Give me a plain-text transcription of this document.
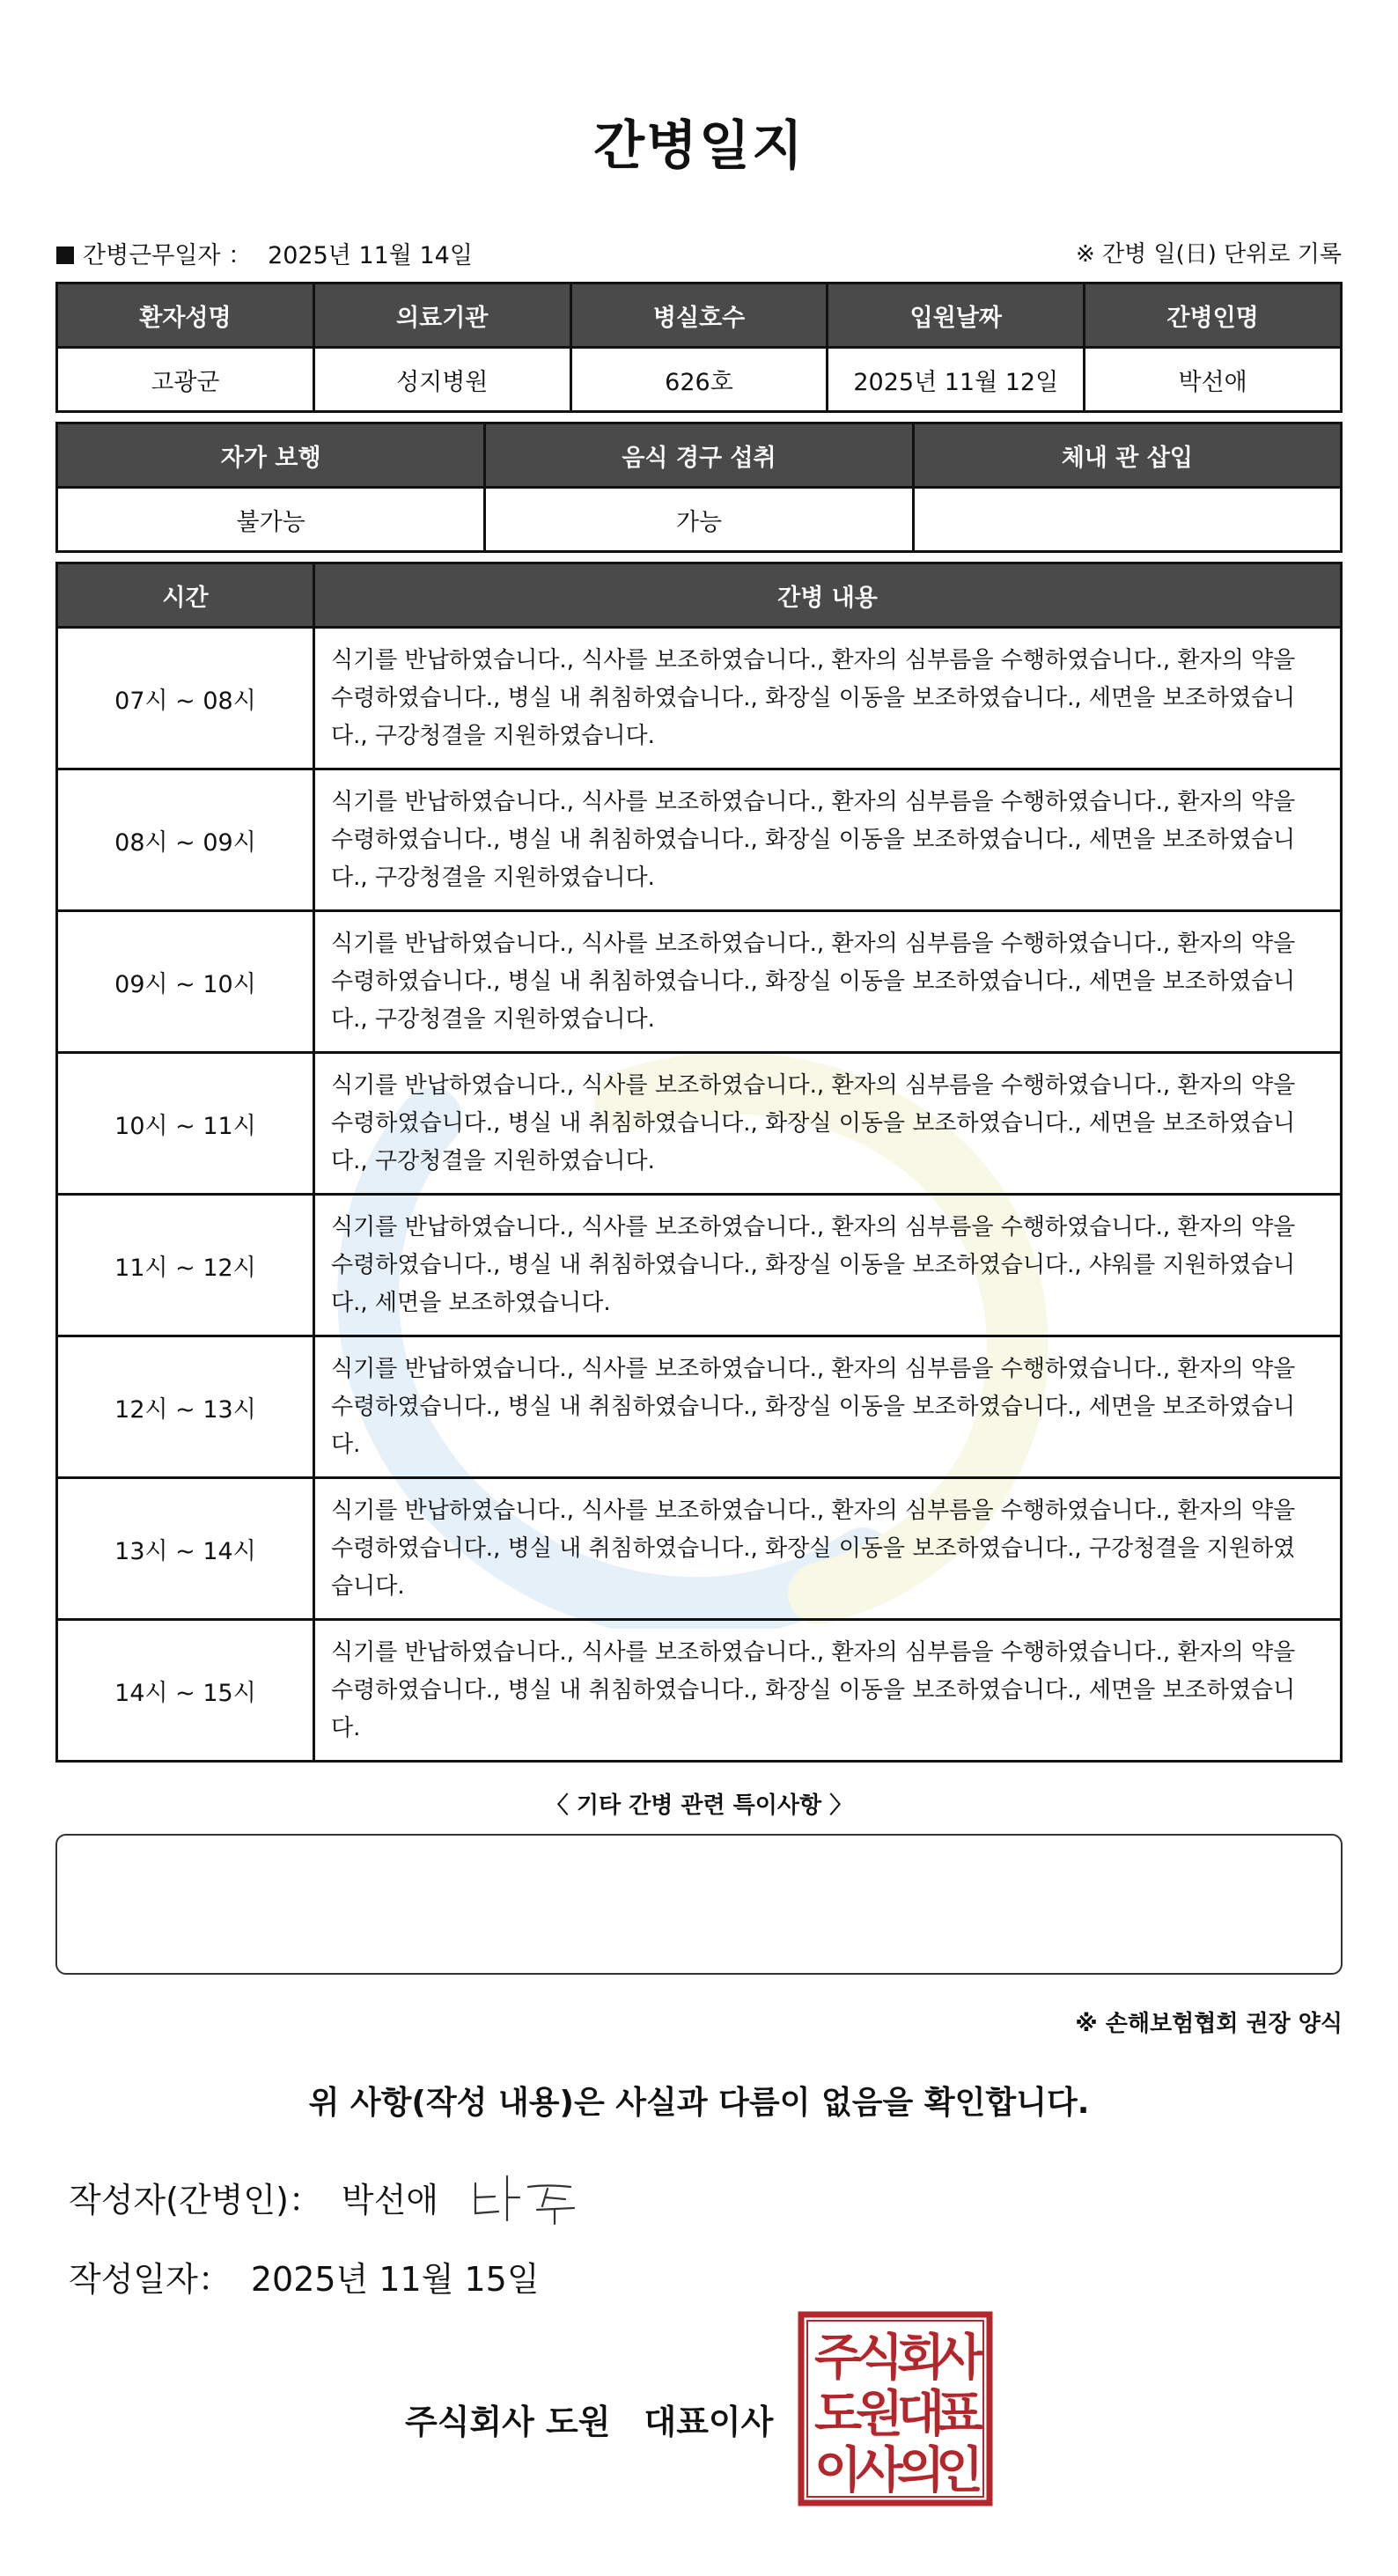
간병일지
간병근무일자 ： 2025년 11월 14일	※ 간병 일(日) 단위로 기록
환자성명	의료기관	병실호수	입원날짜	간병인명
고광군	성지병원	626호	2025년 11월 12일	박선애
자가 보행	음식 경구 섭취	체내 관 삽입
불가능	가능	
시간	간병 내용
07시 ~ 08시	식기를 반납하였습니다., 식사를 보조하였습니다., 환자의 심부름을 수행하였습니다., 환자의 약을 수령하였습니다., 병실 내 취침하였습니다., 화장실 이동을 보조하였습니다., 세면을 보조하였습니다., 구강청결을 지원하였습니다.
08시 ~ 09시	식기를 반납하였습니다., 식사를 보조하였습니다., 환자의 심부름을 수행하였습니다., 환자의 약을 수령하였습니다., 병실 내 취침하였습니다., 화장실 이동을 보조하였습니다., 세면을 보조하였습니다., 구강청결을 지원하였습니다.
09시 ~ 10시	식기를 반납하였습니다., 식사를 보조하였습니다., 환자의 심부름을 수행하였습니다., 환자의 약을 수령하였습니다., 병실 내 취침하였습니다., 화장실 이동을 보조하였습니다., 세면을 보조하였습니다., 구강청결을 지원하였습니다.
10시 ~ 11시	식기를 반납하였습니다., 식사를 보조하였습니다., 환자의 심부름을 수행하였습니다., 환자의 약을 수령하였습니다., 병실 내 취침하였습니다., 화장실 이동을 보조하였습니다., 세면을 보조하였습니다., 구강청결을 지원하였습니다.
11시 ~ 12시	식기를 반납하였습니다., 식사를 보조하였습니다., 환자의 심부름을 수행하였습니다., 환자의 약을 수령하였습니다., 병실 내 취침하였습니다., 화장실 이동을 보조하였습니다., 샤워를 지원하였습니다., 세면을 보조하였습니다.
12시 ~ 13시	식기를 반납하였습니다., 식사를 보조하였습니다., 환자의 심부름을 수행하였습니다., 환자의 약을 수령하였습니다., 병실 내 취침하였습니다., 화장실 이동을 보조하였습니다., 세면을 보조하였습니다.
13시 ~ 14시	식기를 반납하였습니다., 식사를 보조하였습니다., 환자의 심부름을 수행하였습니다., 환자의 약을 수령하였습니다., 병실 내 취침하였습니다., 화장실 이동을 보조하였습니다., 구강청결을 지원하였습니다.
14시 ~ 15시	식기를 반납하였습니다., 식사를 보조하였습니다., 환자의 심부름을 수행하였습니다., 환자의 약을 수령하였습니다., 병실 내 취침하였습니다., 화장실 이동을 보조하였습니다., 세면을 보조하였습니다.
〈 기타 간병 관련 특이사항 〉
※ 손해보험협회 권장 양식
위 사항(작성 내용)은 사실과 다름이 없음을 확인합니다.
작성자(간병인)： 박선애
작성일자： 2025년 11월 15일
주식회사 도원 대표이사
주
식
회
사
도
원
대
표
이
사
의
인
